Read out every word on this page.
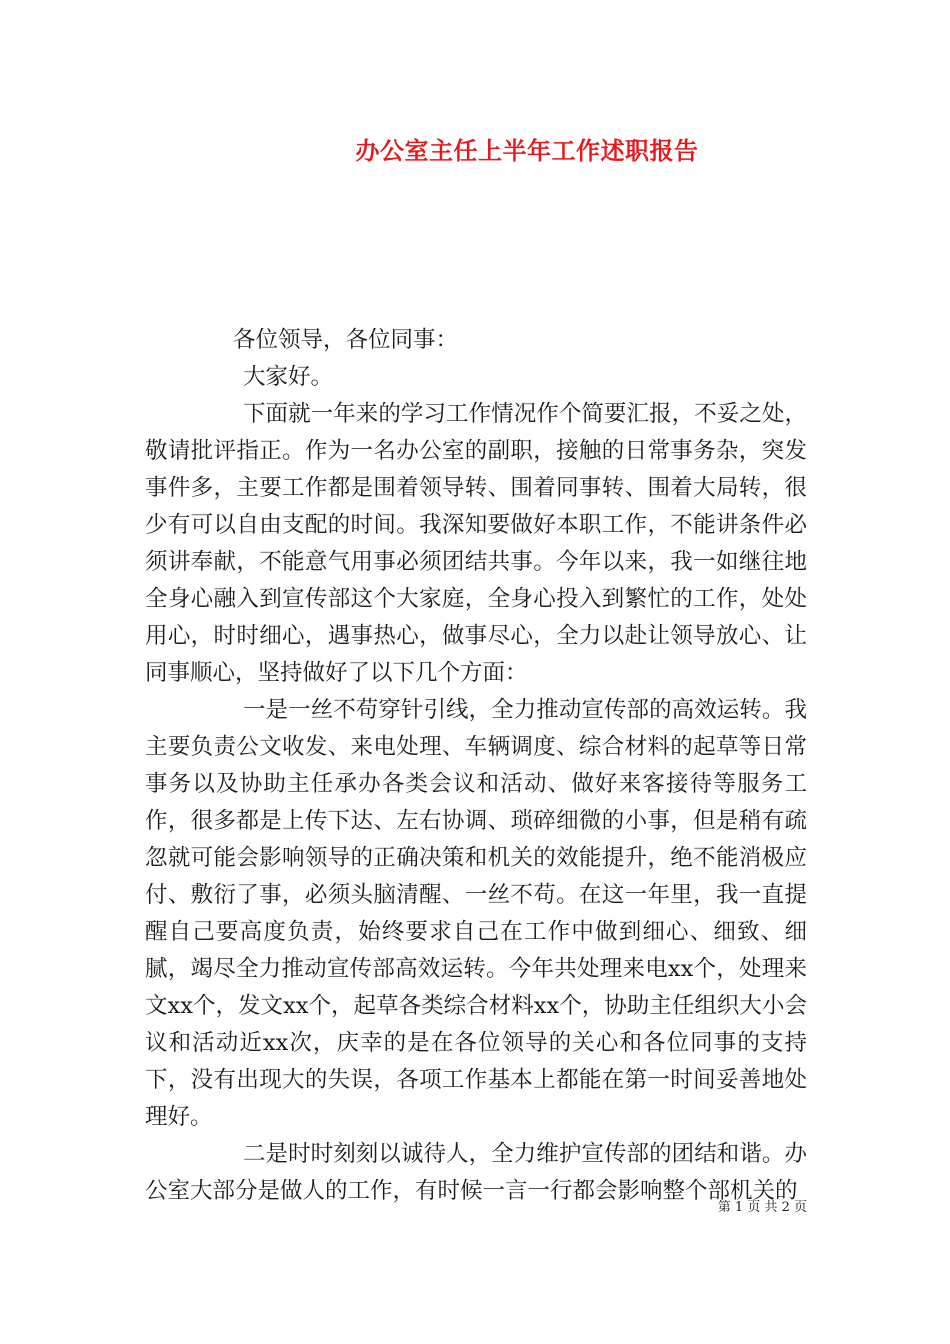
办公室主任上半年工作述职报告

各位领导，各位同事：

大家好。

下面就一年来的学习工作情况作个简要汇报，不妥之处，敬请批评指正。作为一名办公室的副职，接触的日常事务杂，突发事件多，主要工作都是围着领导转、围着同事转、围着大局转，很少有可以自由支配的时间。我深知要做好本职工作，不能讲条件必须讲奉献，不能意气用事必须团结共事。今年以来，我一如继往地全身心融入到宣传部这个大家庭，全身心投入到繁忙的工作，处处用心，时时细心，遇事热心，做事尽心，全力以赴让领导放心、让同事顺心，坚持做好了以下几个方面：

一是一丝不苟穿针引线，全力推动宣传部的高效运转。我主要负责公文收发、来电处理、车辆调度、综合材料的起草等日常事务以及协助主任承办各类会议和活动、做好来客接待等服务工作，很多都是上传下达、左右协调、琐碎细微的小事，但是稍有疏忽就可能会影响领导的正确决策和机关的效能提升，绝不能消极应付、敷衍了事，必须头脑清醒、一丝不苟。在这一年里，我一直提醒自己要高度负责，始终要求自己在工作中做到细心、细致、细腻，竭尽全力推动宣传部高效运转。今年共处理来电xx个，处理来文xx个，发文xx个，起草各类综合材料xx个，协助主任组织大小会议和活动近xx次，庆幸的是在各位领导的关心和各位同事的支持下，没有出现大的失误，各项工作基本上都能在第一时间妥善地处理好。

二是时时刻刻以诚待人，全力维护宣传部的团结和谐。办公室大部分是做人的工作，有时候一言一行都会影响整个部机关的

第 1 页 共 2 页
